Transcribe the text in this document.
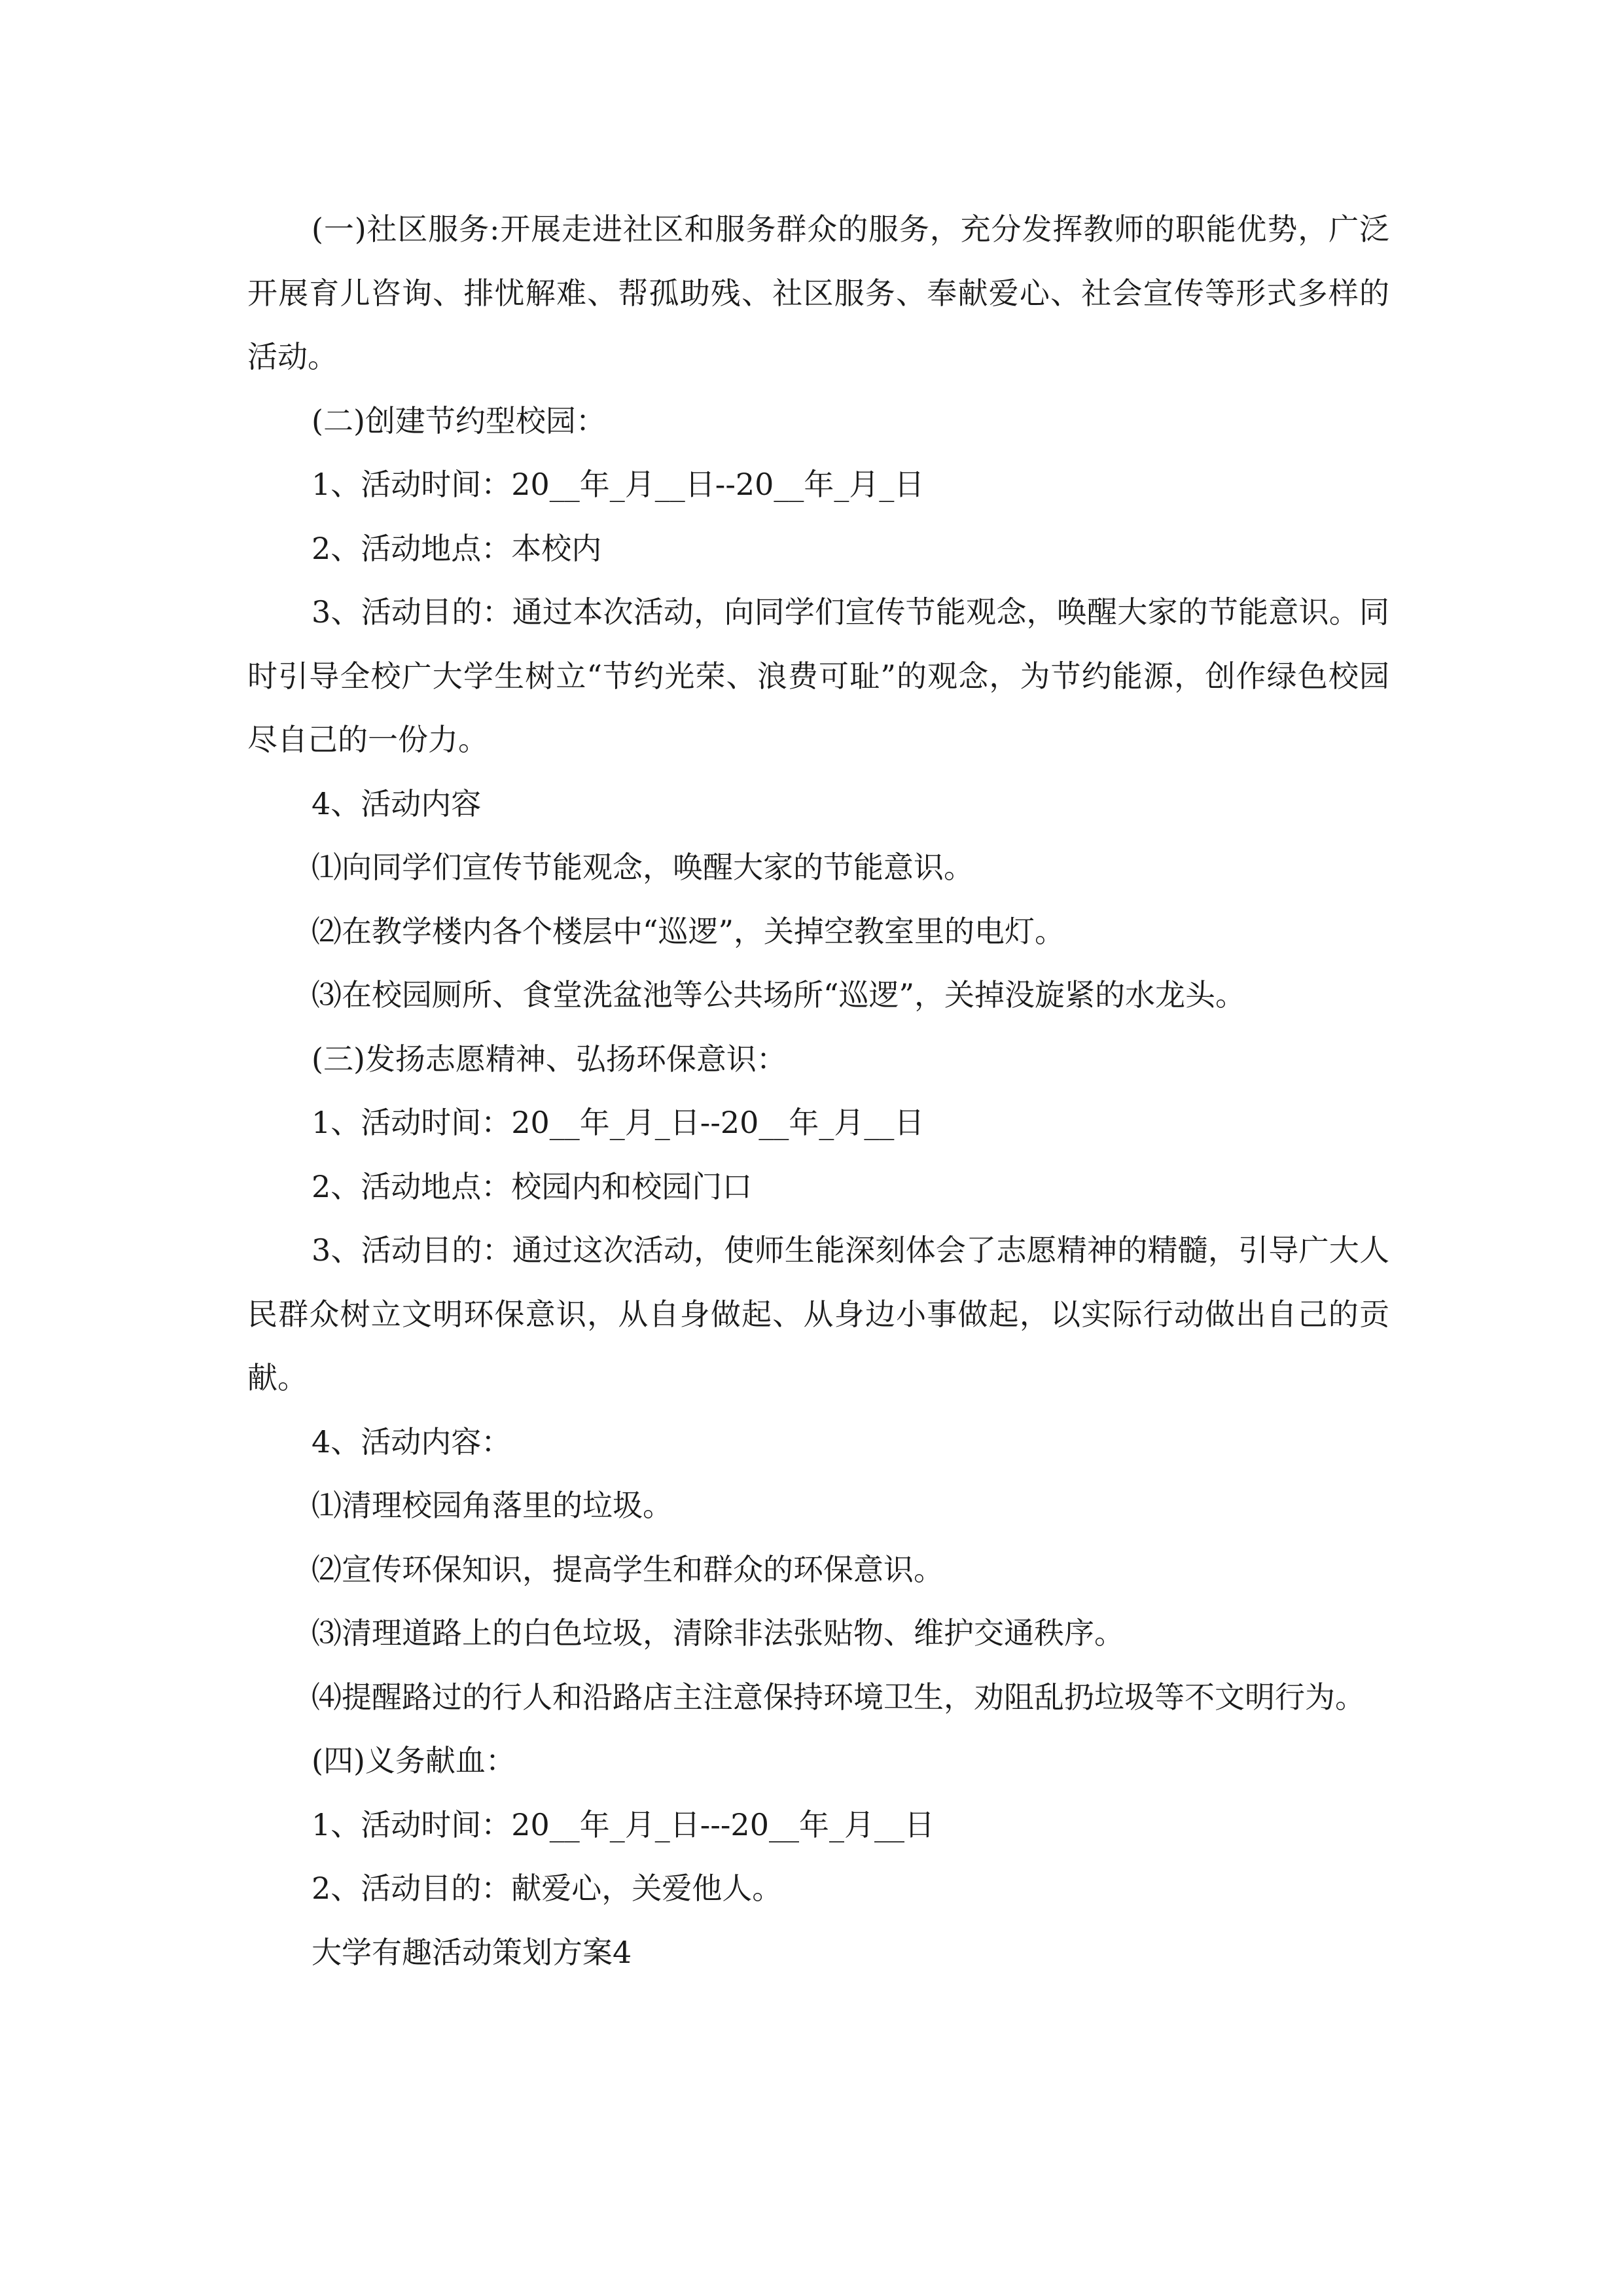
(一)社区服务:开展走进社区和服务群众的服务，充分发挥教师的职能优势，广泛开展育儿咨询、排忧解难、帮孤助残、社区服务、奉献爱心、社会宣传等形式多样的活动。

(二)创建节约型校园：

1、活动时间：20__年_月__日--20__年_月_日

2、活动地点：本校内

3、活动目的：通过本次活动，向同学们宣传节能观念，唤醒大家的节能意识。同时引导全校广大学生树立“节约光荣、浪费可耻”的观念，为节约能源，创作绿色校园尽自己的一份力。

4、活动内容

⑴向同学们宣传节能观念，唤醒大家的节能意识。

⑵在教学楼内各个楼层中“巡逻”，关掉空教室里的电灯。

⑶在校园厕所、食堂洗盆池等公共场所“巡逻”，关掉没旋紧的水龙头。

(三)发扬志愿精神、弘扬环保意识：

1、活动时间：20__年_月_日--20__年_月__日

2、活动地点：校园内和校园门口

3、活动目的：通过这次活动，使师生能深刻体会了志愿精神的精髓，引导广大人民群众树立文明环保意识，从自身做起、从身边小事做起，以实际行动做出自己的贡献。

4、活动内容：

⑴清理校园角落里的垃圾。

⑵宣传环保知识，提高学生和群众的环保意识。

⑶清理道路上的白色垃圾，清除非法张贴物、维护交通秩序。

⑷提醒路过的行人和沿路店主注意保持环境卫生，劝阻乱扔垃圾等不文明行为。

(四)义务献血：

1、活动时间：20__年_月_日---20__年_月__日

2、活动目的：献爱心，关爱他人。

大学有趣活动策划方案4
